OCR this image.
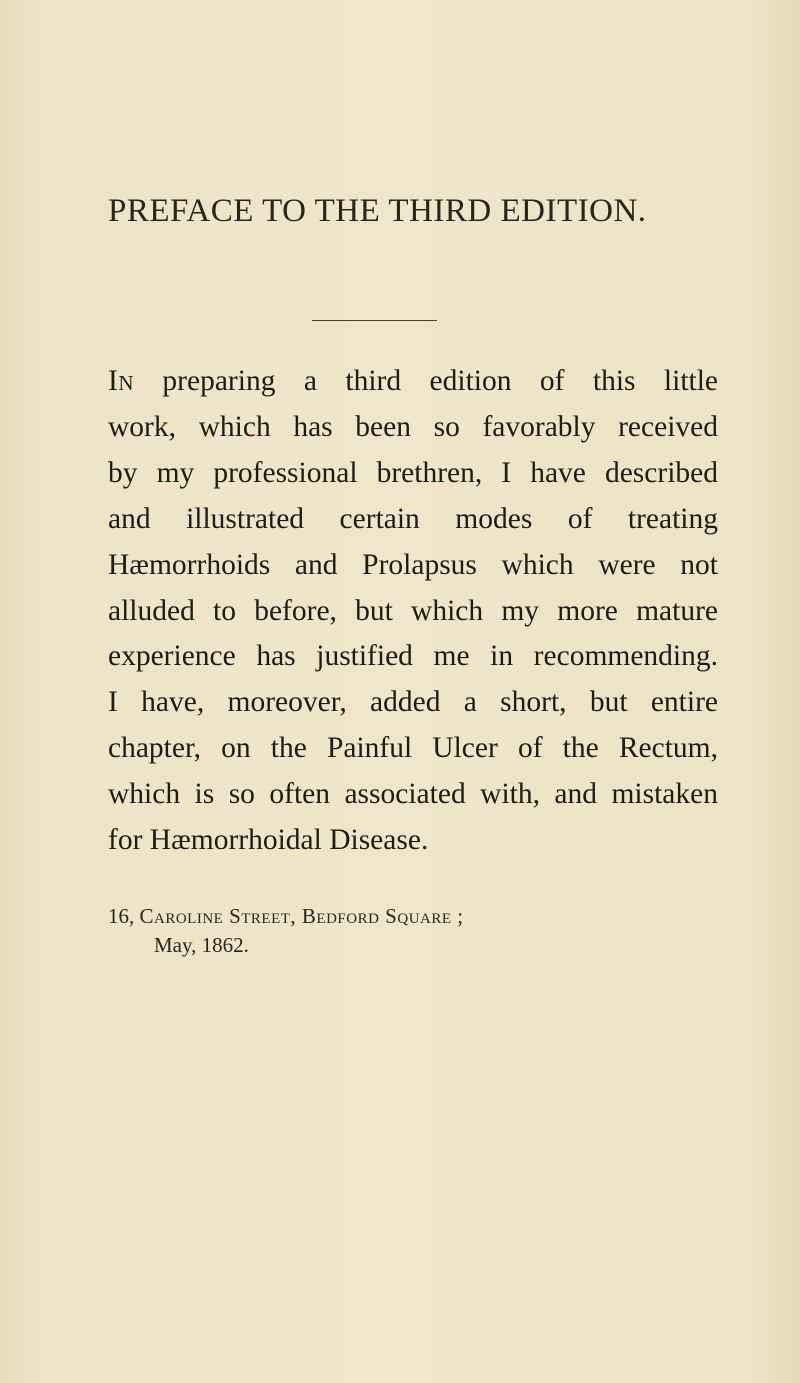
PREFACE TO THE THIRD EDITION.
In preparing a third edition of this little
work, which has been so favorably received
by my professional brethren, I have described
and illustrated certain modes of treating
Hæmorrhoids and Prolapsus which were not
alluded to before, but which my more mature
experience has justified me in recommending.
I have, moreover, added a short, but entire
chapter, on the Painful Ulcer of the Rectum,
which is so often associated with, and mistaken
for Hæmorrhoidal Disease.

16, Caroline Street, Bedford Square ;

May, 1862.
